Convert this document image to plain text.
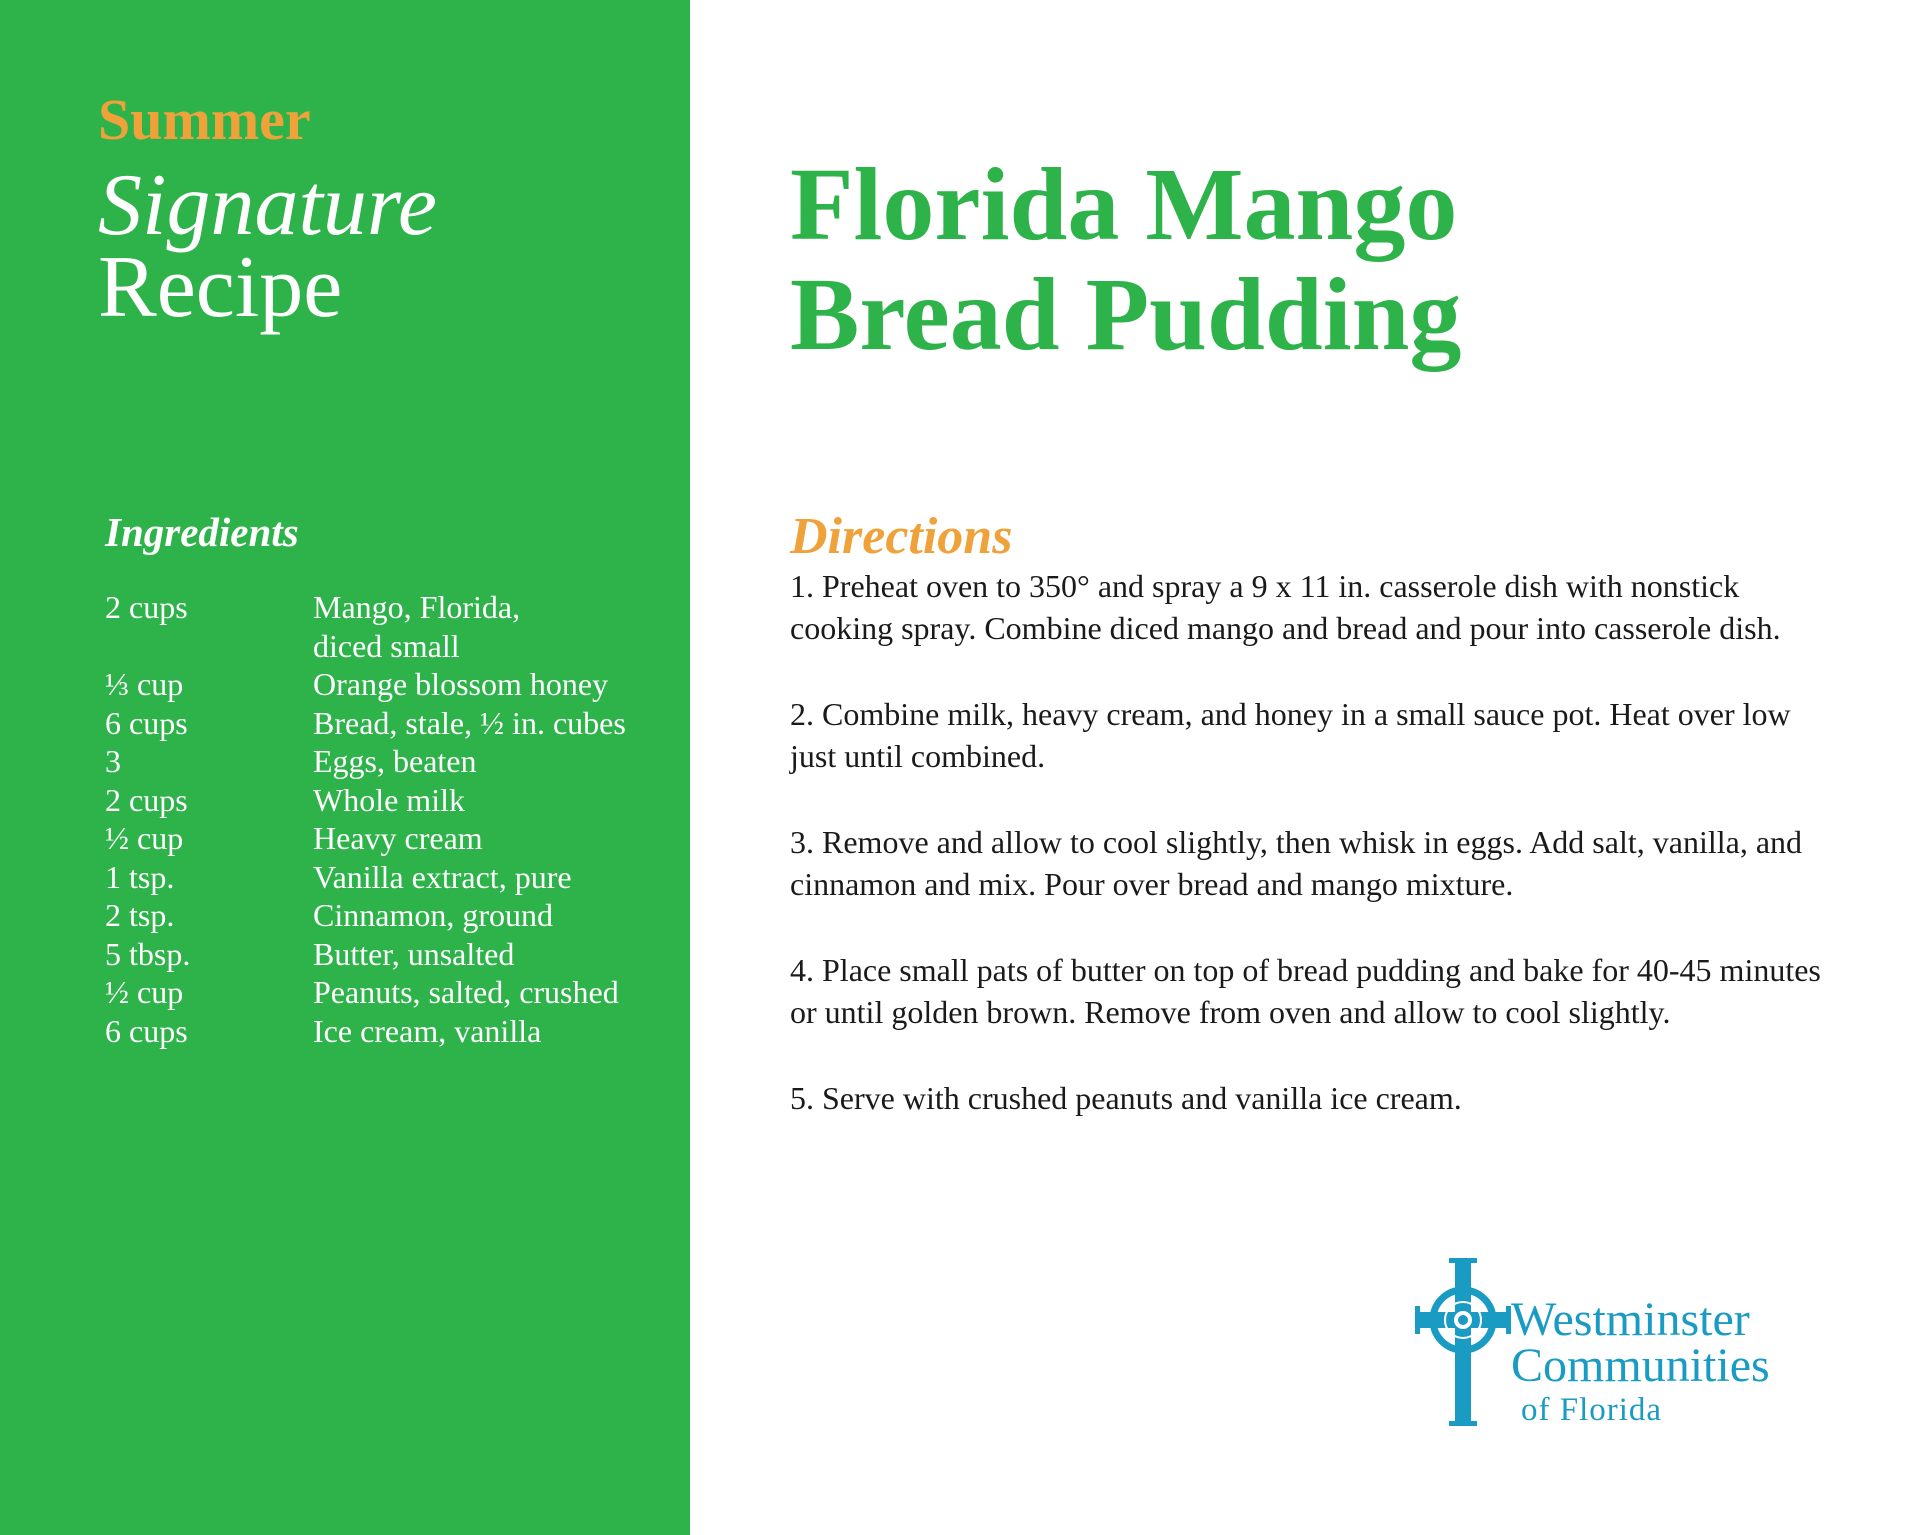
Summer

Signature

Recipe

Ingredients
2 cups	Mango, Florida,
diced small
⅓ cup	Orange blossom honey
6 cups	Bread, stale, ½ in. cubes
3	Eggs, beaten
2 cups	Whole milk
½ cup	Heavy cream
1 tsp.	Vanilla extract, pure
2 tsp.	Cinnamon, ground
5 tbsp.	Butter, unsalted
½ cup	Peanuts, salted, crushed
6 cups	Ice cream, vanilla
Florida Mango
Bread Pudding
Directions

1. Preheat oven to 350° and spray a 9 x 11 in. casserole dish with nonstick cooking spray. Combine diced mango and bread and pour into casserole dish.

2. Combine milk, heavy cream, and honey in a small sauce pot. Heat over low just until combined.

3. Remove and allow to cool slightly, then whisk in eggs. Add salt, vanilla, and cinnamon and mix. Pour over bread and mango mixture.

4. Place small pats of butter on top of bread pudding and bake for 40-45 minutes or until golden brown. Remove from oven and allow to cool slightly.

5. Serve with crushed peanuts and vanilla ice cream.

Westminster

Communities

of Florida
